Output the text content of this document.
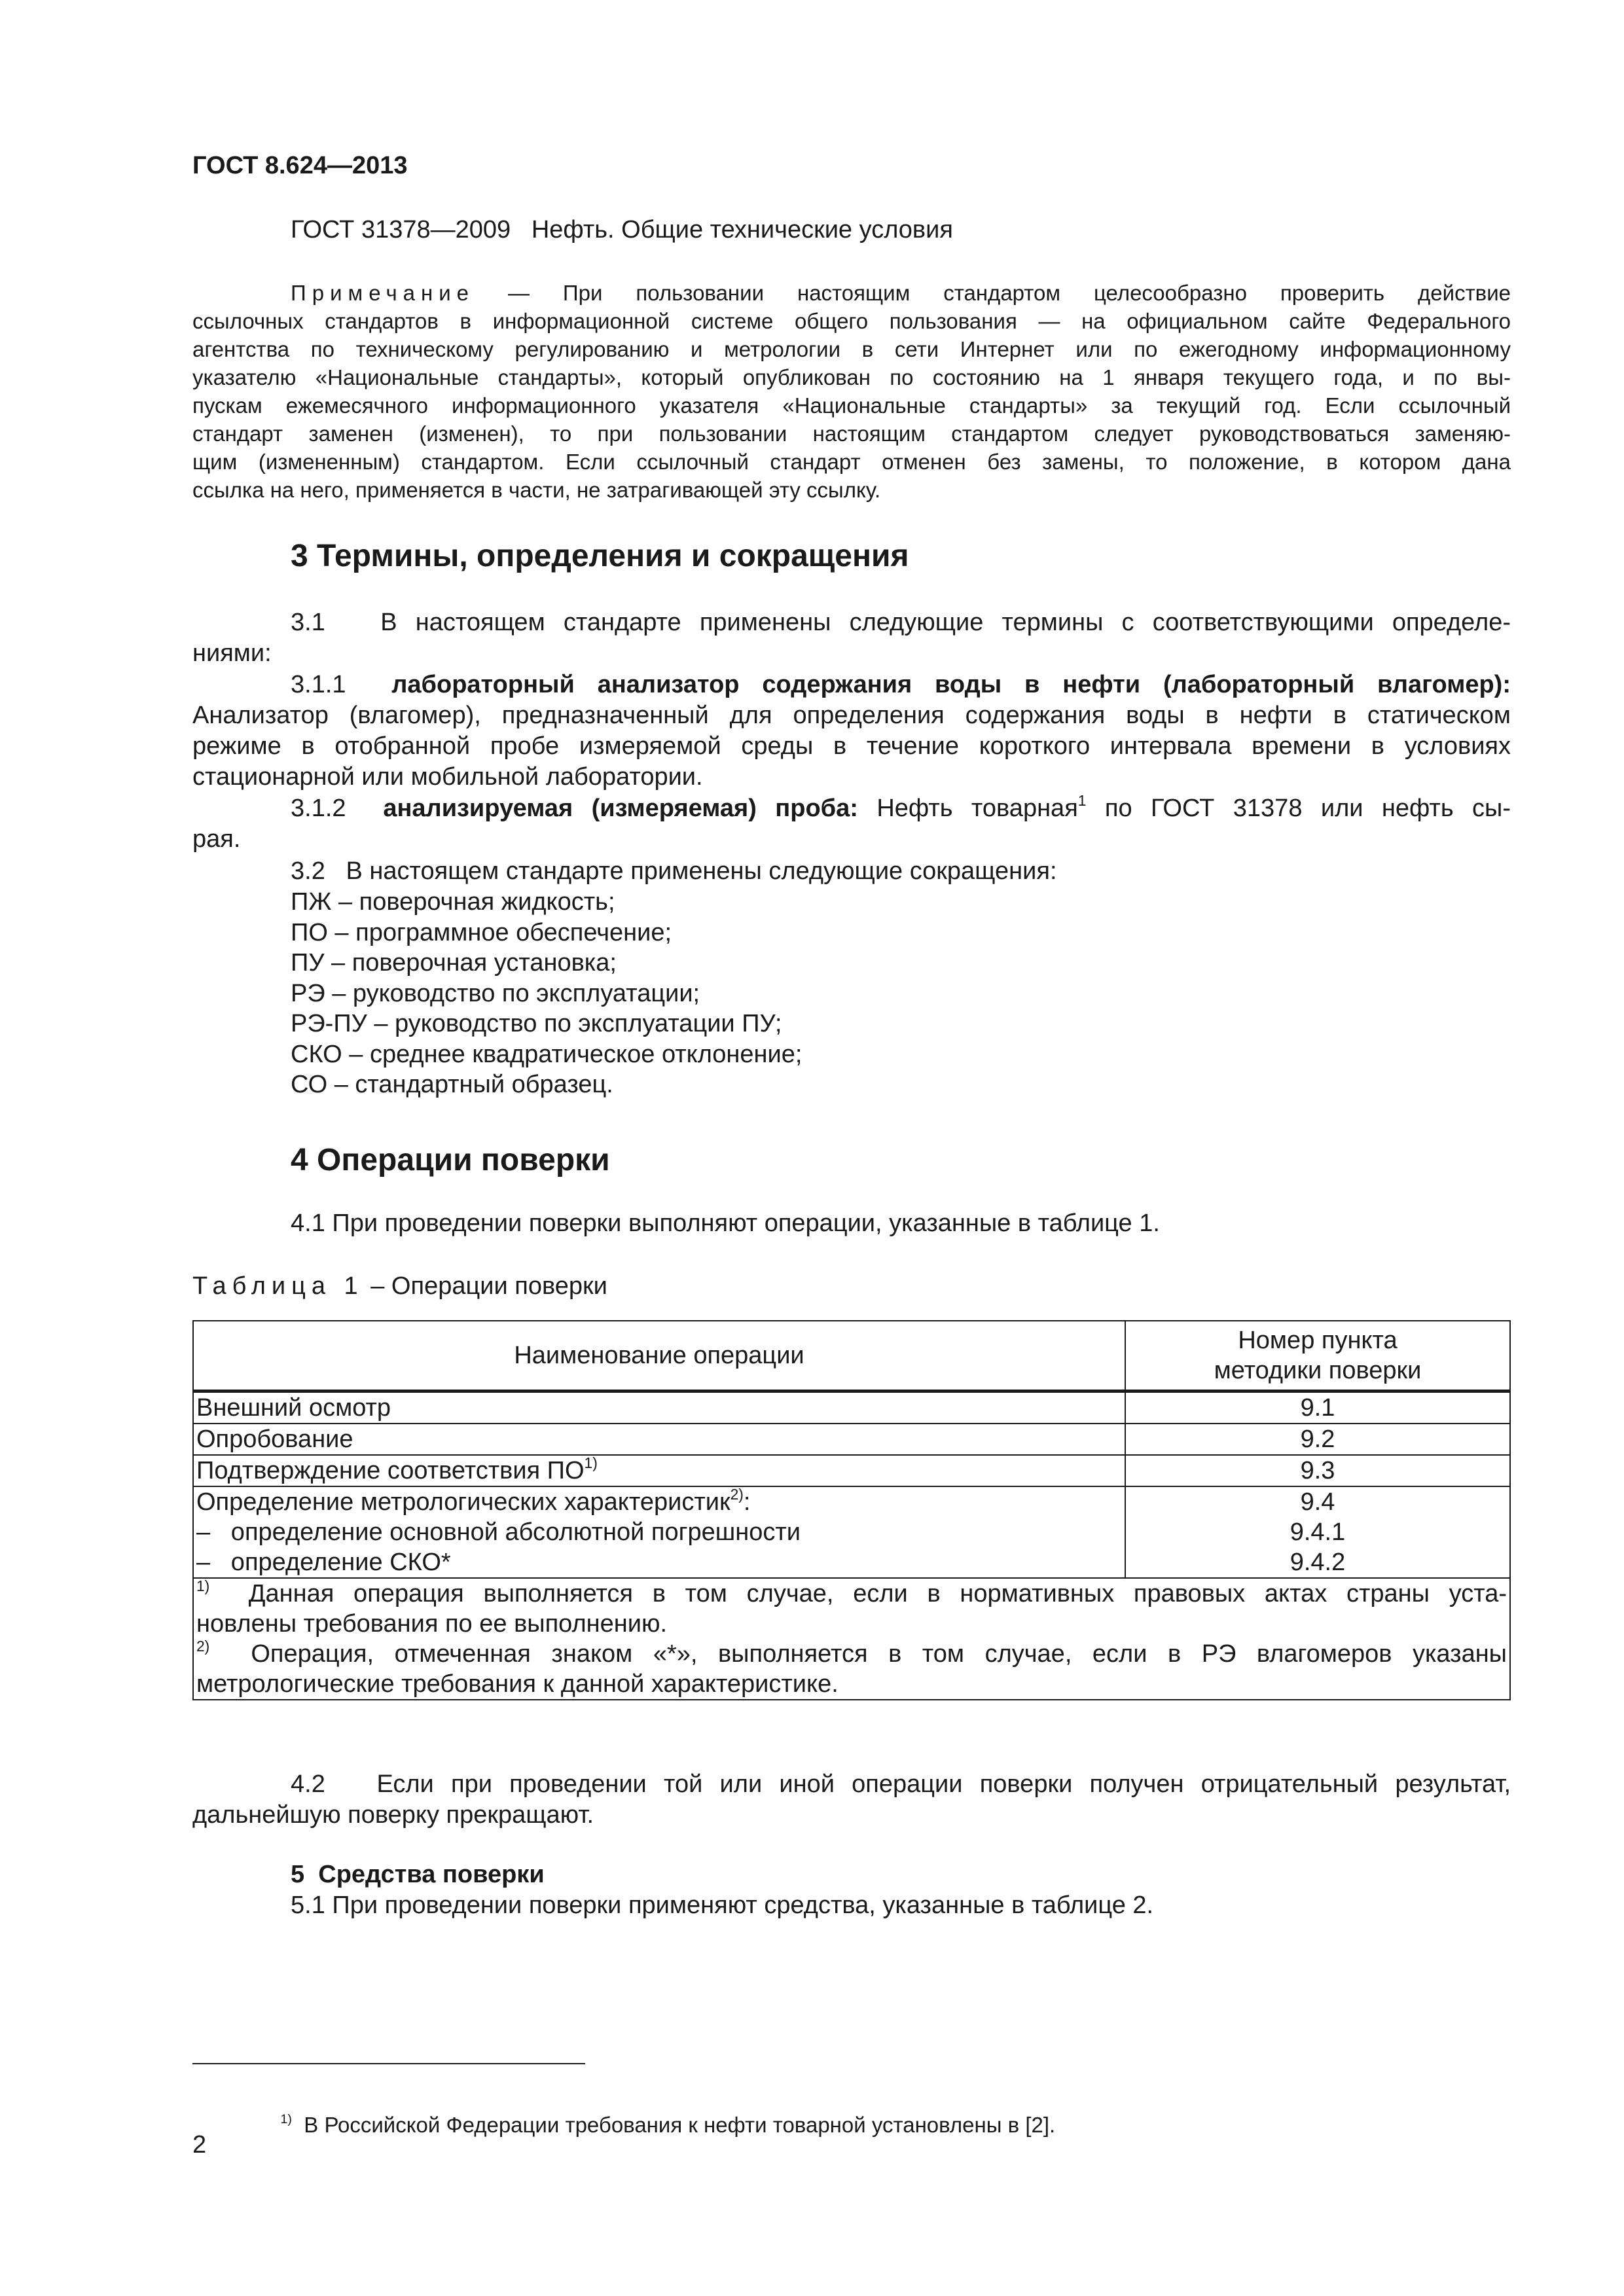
ГОСТ 8.624—2013
ГОСТ 31378—2009   Нефть. Общие технические условия
Примечание — При пользовании настоящим стандартом целесообразно проверить действие
ссылочных стандартов в информационной системе общего пользования — на официальном сайте Федерального
агентства по техническому регулированию и метрологии в сети Интернет или по ежегодному информационному
указателю «Национальные стандарты», который опубликован по состоянию на 1 января текущего года, и по вы-
пускам ежемесячного информационного указателя «Национальные стандарты» за текущий год. Если ссылочный
стандарт заменен (изменен), то при пользовании настоящим стандартом следует руководствоваться заменяю-
щим (измененным) стандартом. Если ссылочный стандарт отменен без замены, то положение, в котором дана
ссылка на него, применяется в части, не затрагивающей эту ссылку.
3 Термины, определения и сокращения
3.1   В настоящем стандарте применены следующие термины с соответствующими определе-
ниями:
3.1.1  лабораторный анализатор содержания воды в нефти (лабораторный влагомер):
Анализатор (влагомер), предназначенный для определения содержания воды в нефти в статическом
режиме в отобранной пробе измеряемой среды в течение короткого интервала времени в условиях
стационарной или мобильной лаборатории.
3.1.2  анализируемая (измеряемая) проба: Нефть товарная$^1$ по ГОСТ 31378 или нефть сы-
рая.
3.2   В настоящем стандарте применены следующие сокращения:
ПЖ – поверочная жидкость;
ПО – программное обеспечение;
ПУ – поверочная установка;
РЭ – руководство по эксплуатации;
РЭ-ПУ – руководство по эксплуатации ПУ;
СКО – среднее квадратическое отклонение;
СО – стандартный образец.
4 Операции поверки
4.1 При проведении поверки выполняют операции, указанные в таблице 1.
Таблица 1 – Операции поверки
Наименование операции	Номер пункта
методики поверки

Внешний осмотр	9.1
Опробование	9.2
Подтверждение соответствия ПО$^{1)}$	9.3
Определение метрологических характеристик$^{2)}$:	9.4
–   определение основной абсолютной погрешности	9.4.1
–   определение СКО*	9.4.2

$^{1)}$  Данная операция выполняется в том случае, если в нормативных правовых актах страны уста-
новлены требования по ее выполнению.
$^{2)}$  Операция, отмеченная знаком «*», выполняется в том случае, если в РЭ влагомеров указаны
метрологические требования к данной характеристике.	
4.2   Если при проведении той или иной операции поверки получен отрицательный результат,
дальнейшую поверку прекращают.
5  Средства поверки
5.1 При проведении поверки применяют средства, указанные в таблице 2.

$^{1)}$  В Российской Федерации требования к нефти товарной установлены в [2].

2
